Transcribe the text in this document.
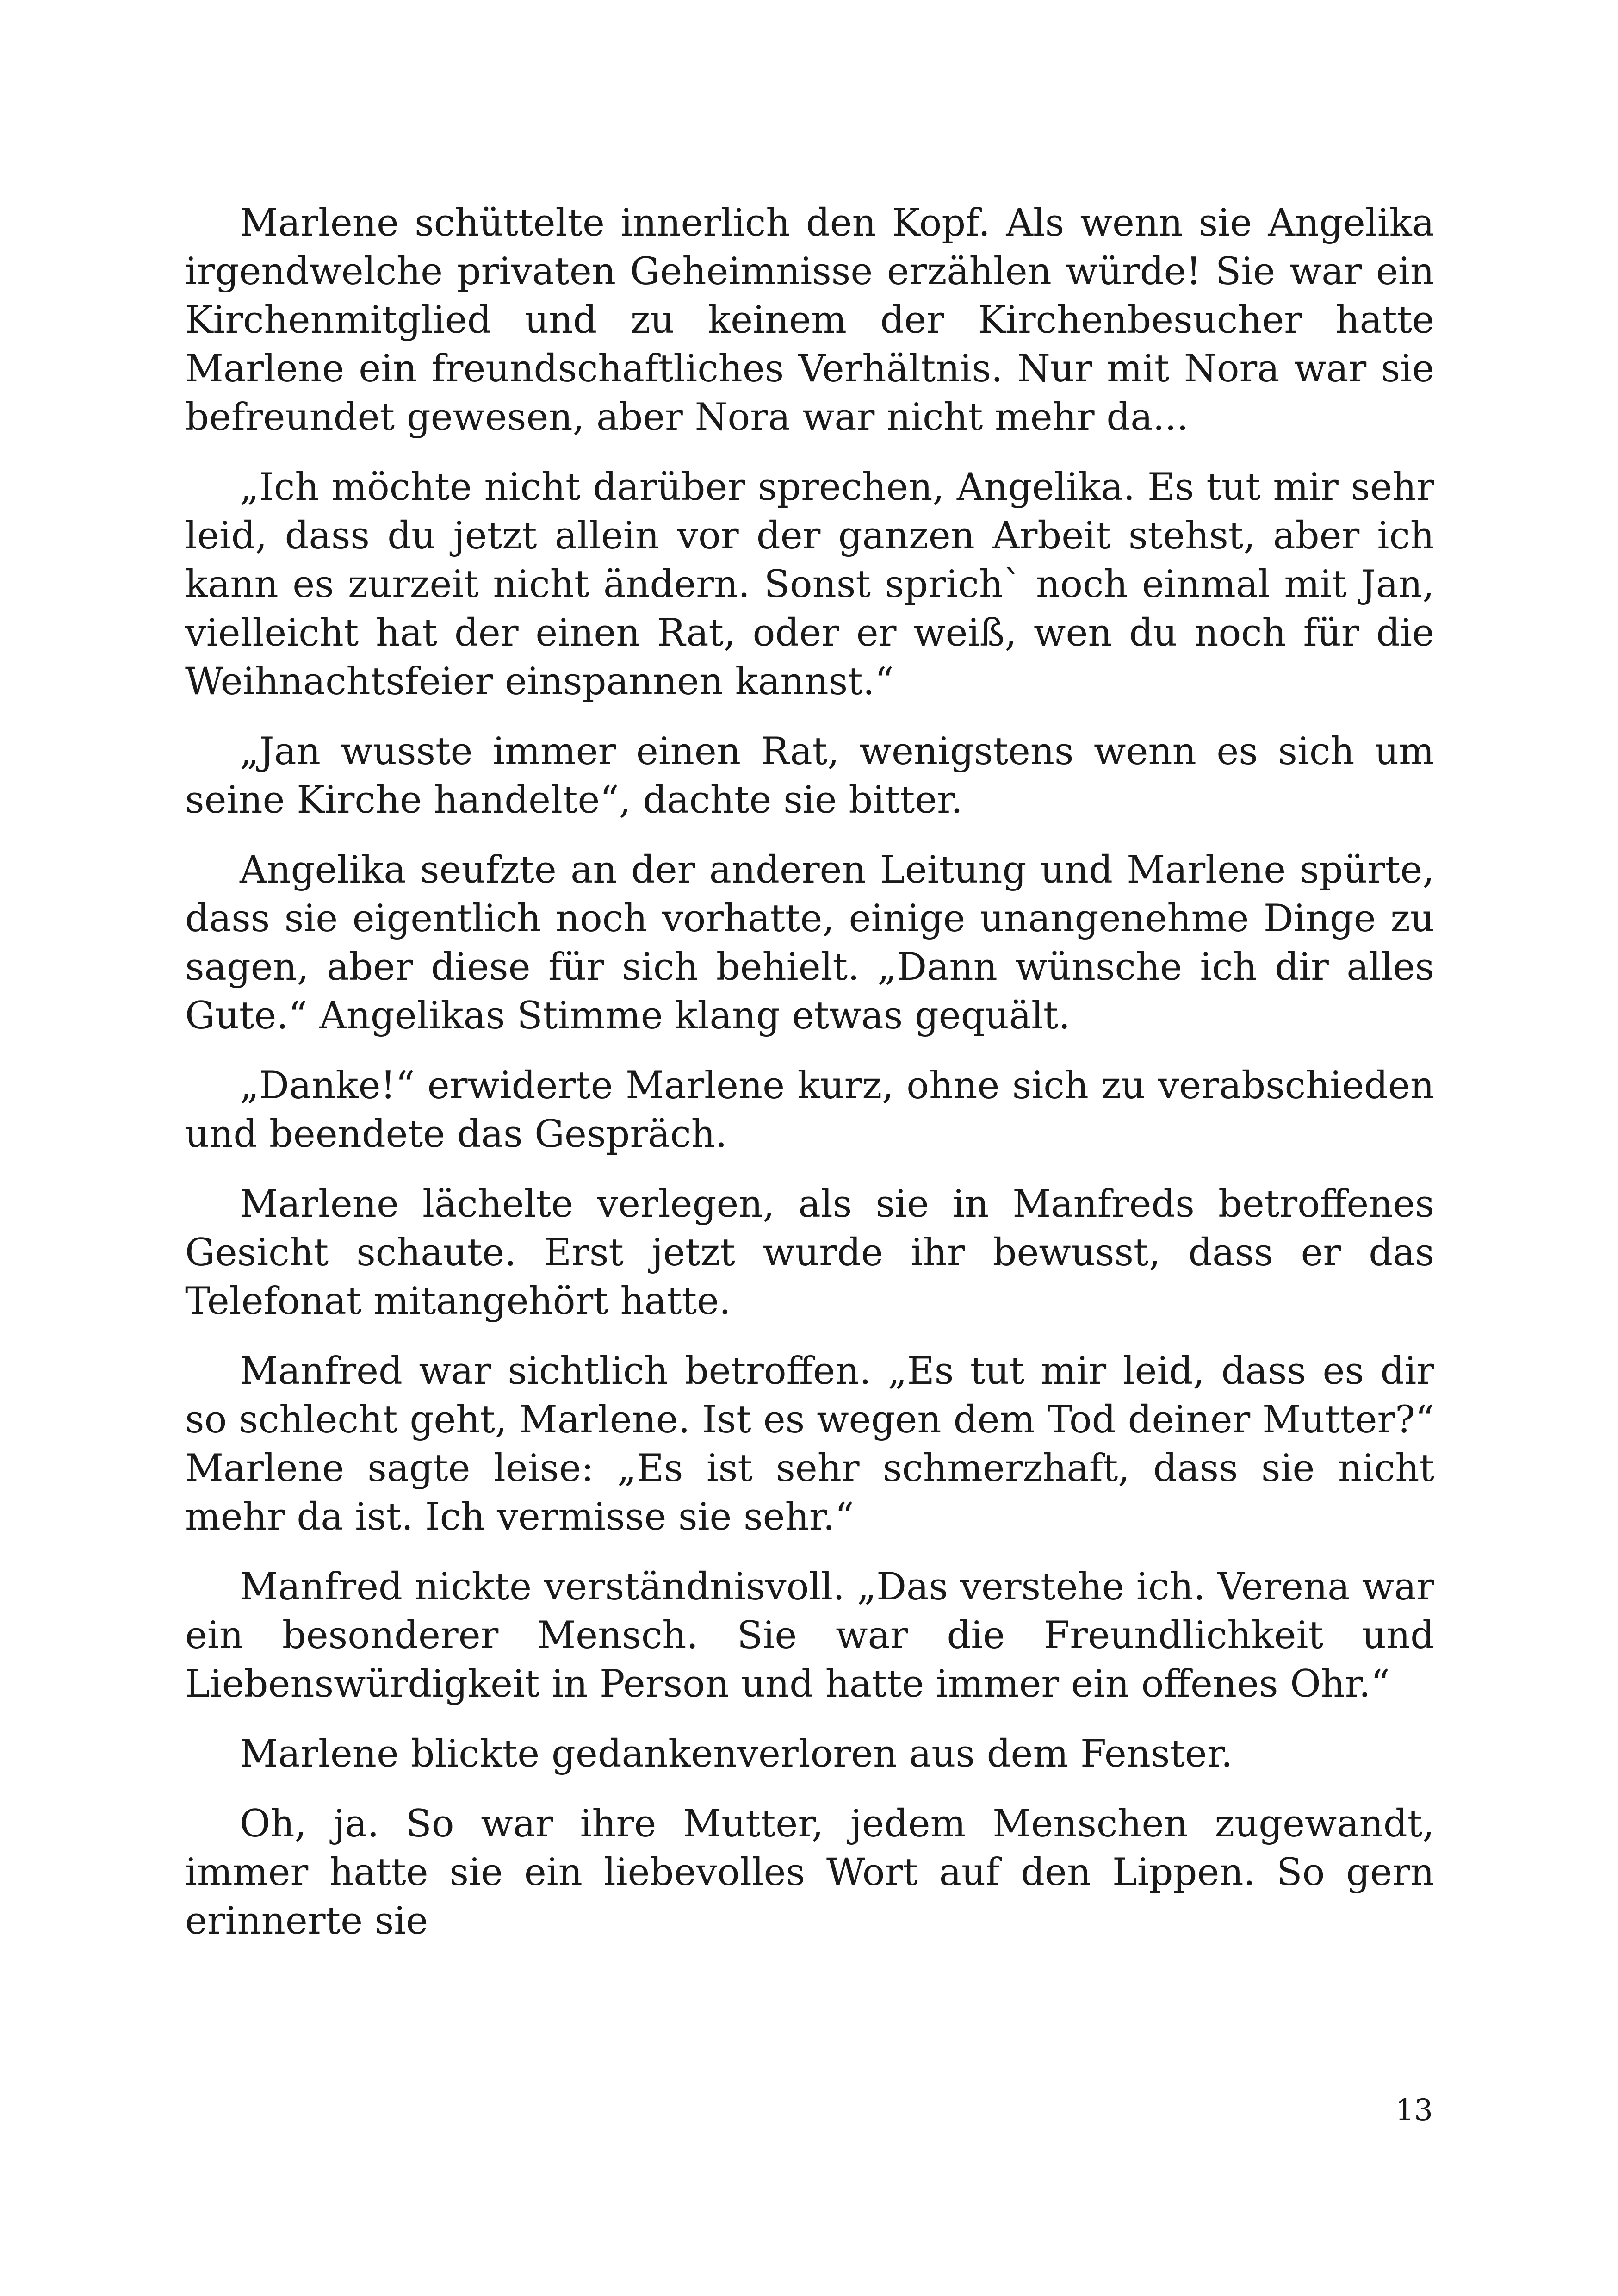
Marlene schüttelte innerlich den Kopf. Als wenn sie Angelika irgendwelche privaten Geheimnisse erzählen würde! Sie war ein Kirchenmitglied und zu keinem der Kirchenbesucher hatte Marlene ein freundschaftliches Verhältnis. Nur mit Nora war sie befreundet gewesen, aber Nora war nicht mehr da...

„Ich möchte nicht darüber sprechen, Angelika. Es tut mir sehr leid, dass du jetzt allein vor der ganzen Arbeit stehst, aber ich kann es zurzeit nicht ändern. Sonst sprich` noch einmal mit Jan, vielleicht hat der einen Rat, oder er weiß, wen du noch für die Weihnachtsfeier einspannen kannst.“

„Jan wusste immer einen Rat, wenigstens wenn es sich um seine Kirche handelte“, dachte sie bitter.

Angelika seufzte an der anderen Leitung und Marlene spürte, dass sie eigentlich noch vorhatte, einige unangenehme Dinge zu sagen, aber diese für sich behielt. „Dann wünsche ich dir alles Gute.“ Angelikas Stimme klang etwas gequält.

„Danke!“ erwiderte Marlene kurz, ohne sich zu verabschieden und beendete das Gespräch.

Marlene lächelte verlegen, als sie in Manfreds betroffenes Gesicht schaute. Erst jetzt wurde ihr bewusst, dass er das Telefonat mitangehört hatte.

Manfred war sichtlich betroffen. „Es tut mir leid, dass es dir so schlecht geht, Marlene. Ist es wegen dem Tod deiner Mutter?“ Marlene sagte leise: „Es ist sehr schmerzhaft, dass sie nicht mehr da ist. Ich vermisse sie sehr.“

Manfred nickte verständnisvoll. „Das verstehe ich. Verena war ein besonderer Mensch. Sie war die Freundlichkeit und Liebenswürdigkeit in Person und hatte immer ein offenes Ohr.“

Marlene blickte gedankenverloren aus dem Fenster.

Oh, ja. So war ihre Mutter, jedem Menschen zugewandt, immer hatte sie ein liebevolles Wort auf den Lippen. So gern erinnerte sie

13
